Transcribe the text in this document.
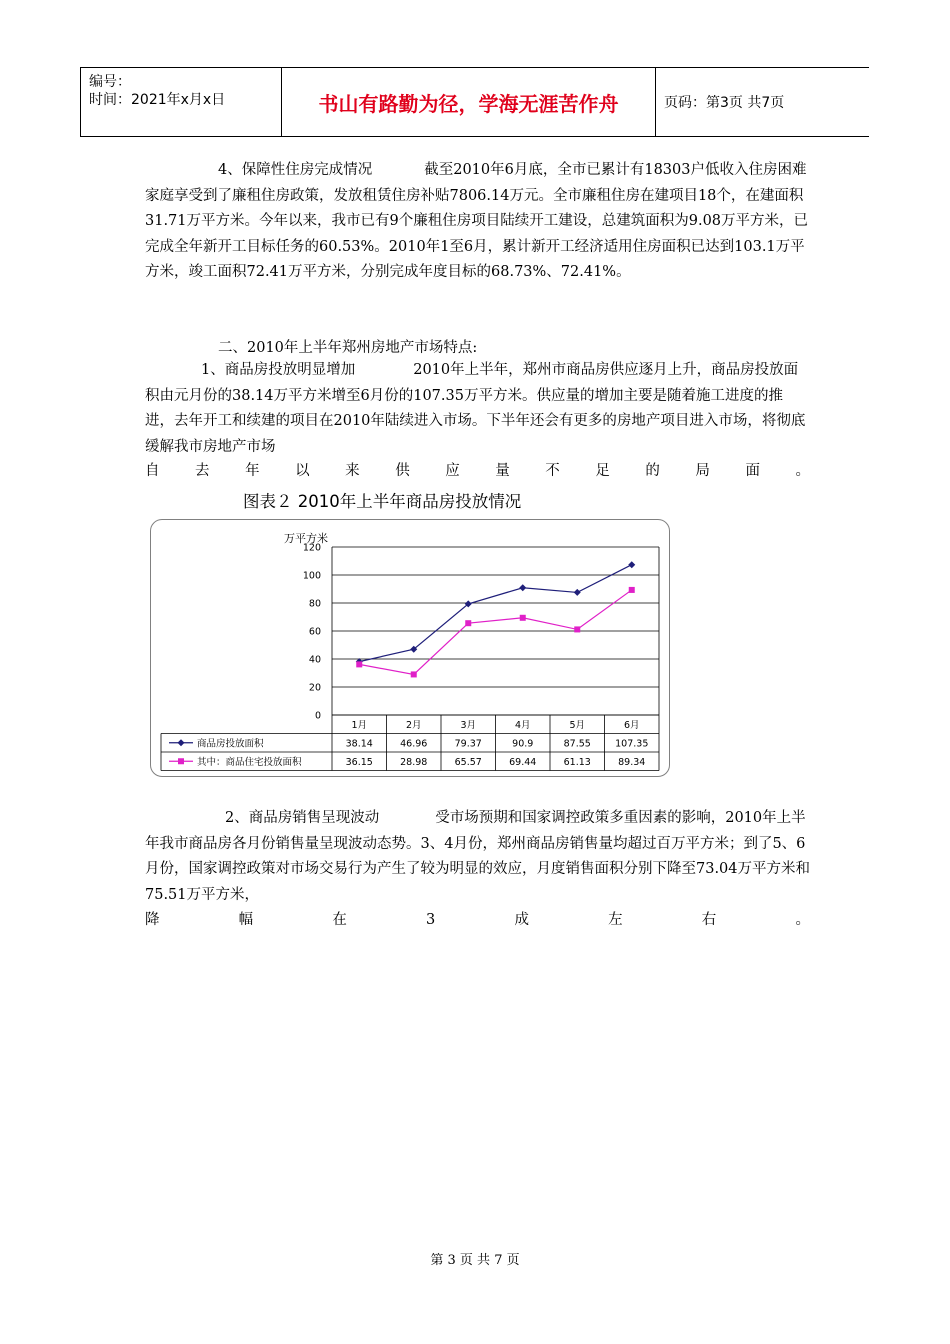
编号：
时间：2021年x月x日	书山有路勤为径，学海无涯苦作舟	页码：第3页 共7页
4、保障性住房完成情况	截至2010年6月底，全市已累计有18303户低收入住房困难家庭享受到了廉租住房政策，发放租赁住房补贴7806.14万元。全市廉租住房在建项目18个，在建面积31.71万平方米。今年以来，我市已有9个廉租住房项目陆续开工建设，总建筑面积为9.08万平方米，已完成全年新开工目标任务的60.53%。2010年1至6月，累计新开工经济适用住房面积已达到103.1万平方米，竣工面积72.41万平方米，分别完成年度目标的68.73%、72.41%。
二、2010年上半年郑州房地产市场特点:
1、商品房投放明显增加	2010年上半年，郑州市商品房供应逐月上升，商品房投放面积由元月份的38.14万平方米增至6月份的107.35万平方米。供应量的增加主要是随着施工进度的推进，去年开工和续建的项目在2010年陆续进入市场。下半年还会有更多的房地产项目进入市场，将彻底缓解我市房地产市场
自去年以来供应量不足的局面。
图表２ 2010年上半年商品房投放情况
万平方米
0
20
40
60
80
100
120
1月	2月	3月	4月	5月	6月
商品房投放面积	38.14	46.96	79.37	90.9	87.55	107.35
其中：商品住宅投放面积	36.15	28.98	65.57	69.44	61.13	89.34
2、商品房销售呈现波动	受市场预期和国家调控政策多重因素的影响，2010年上半年我市商品房各月份销售量呈现波动态势。3、4月份，郑州商品房销售量均超过百万平方米；到了5、6月份，国家调控政策对市场交易行为产生了较为明显的效应，月度销售面积分别下降至73.04万平方米和75.51万平方米，
降幅在3成左右。
第 3 页 共 7 页
